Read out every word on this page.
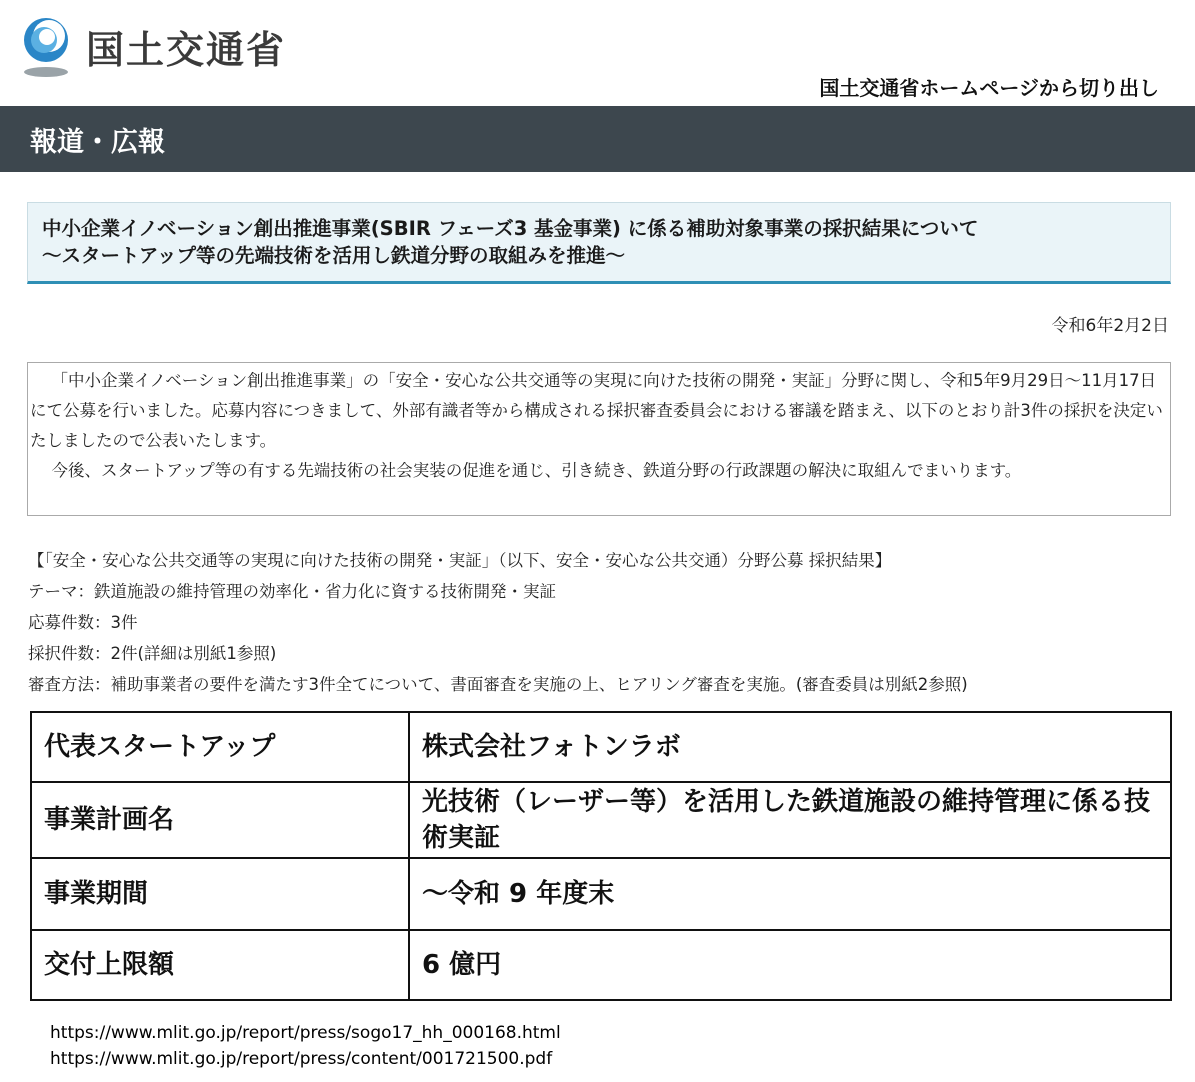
国土交通省
国土交通省ホームページから切り出し
報道・広報
中小企業イノベーション創出推進事業(SBIR フェーズ3 基金事業) に係る補助対象事業の採択結果について
～スタートアップ等の先端技術を活用し鉄道分野の取組みを推進～
令和6年2月2日

「中小企業イノベーション創出推進事業」の「安全・安心な公共交通等の実現に向けた技術の開発・実証」分野に関し、令和5年9月29日～11月17日にて公募を行いました。応募内容につきまして、外部有識者等から構成される採択審査委員会における審議を踏まえ、以下のとおり計3件の採択を決定いたしましたので公表いたします。

今後、スタートアップ等の有する先端技術の社会実装の促進を通じ、引き続き、鉄道分野の行政課題の解決に取組んでまいります。

【「安全・安心な公共交通等の実現に向けた技術の開発・実証」（以下、安全・安心な公共交通）分野公募 採択結果】
テーマ：鉄道施設の維持管理の効率化・省力化に資する技術開発・実証
応募件数：3件
採択件数：2件(詳細は別紙1参照)
審査方法：補助事業者の要件を満たす3件全てについて、書面審査を実施の上、ヒアリング審査を実施。(審査委員は別紙2参照)
代表スタートアップ	株式会社フォトンラボ
事業計画名	光技術（レーザー等）を活用した鉄道施設の維持管理に係る技術実証
事業期間	～令和 9 年度末
交付上限額	6 億円
https://www.mlit.go.jp/report/press/sogo17_hh_000168.html
https://www.mlit.go.jp/report/press/content/001721500.pdf
